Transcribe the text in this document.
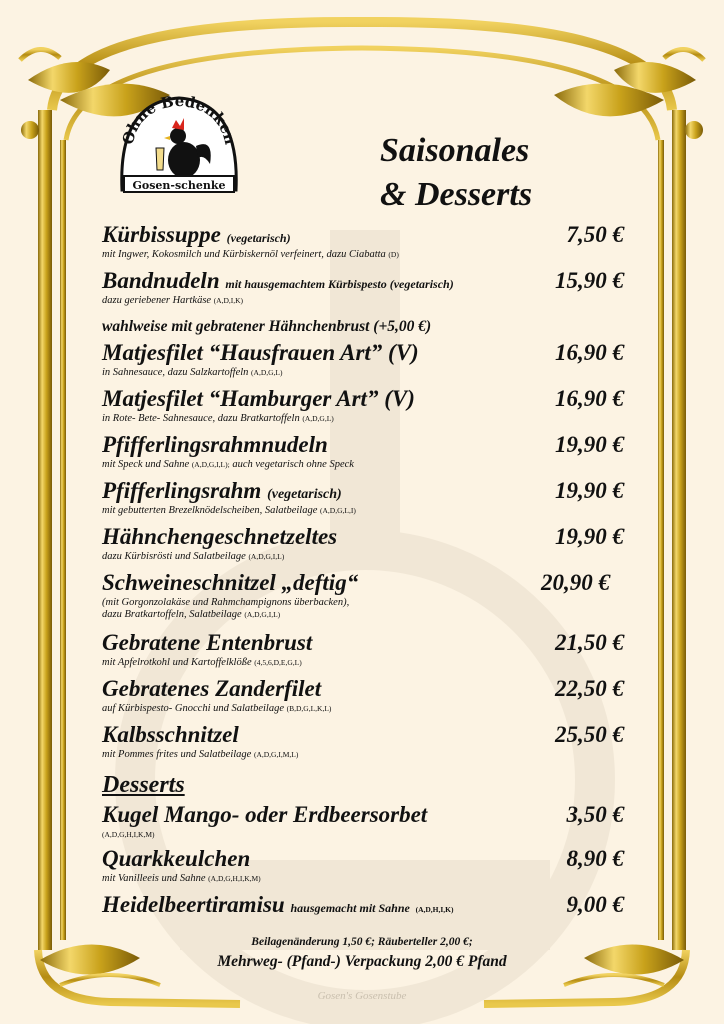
Ohne Bedenken
Gosen-schenke
Saisonales
& Desserts
Kürbissuppe (vegetarisch)	7,50 €
mit Ingwer, Kokosmilch und Kürbiskernöl verfeinert, dazu Ciabatta (D)
Bandnudeln mit hausgemachtem Kürbispesto (vegetarisch)	15,90 €
dazu geriebener Hartkäse (A,D,I,K)
wahlweise mit gebratener Hähnchenbrust (+5,00 €)
Matjesfilet “Hausfrauen Art” (V)	16,90 €
in Sahnesauce, dazu Salzkartoffeln (A,D,G,L)
Matjesfilet “Hamburger Art” (V)	16,90 €
in Rote- Bete- Sahnesauce, dazu Bratkartoffeln (A,D,G,L)
Pfifferlingsrahmnudeln	19,90 €
mit Speck und Sahne (A,D,G,I,L); auch vegetarisch ohne Speck
Pfifferlingsrahm (vegetarisch)	19,90 €
mit gebutterten Brezelknödelscheiben, Salatbeilage (A,D,G,L,I)
Hähnchengeschnetzeltes	19,90 €
dazu Kürbisrösti und Salatbeilage (A,D,G,I,L)
Schweineschnitzel „deftig“	20,90 €
(mit Gorgonzolakäse und Rahmchampignons überbacken),
dazu Bratkartoffeln, Salatbeilage (A,D,G,I,L)
Gebratene Entenbrust	21,50 €
mit Apfelrotkohl und Kartoffelklöße (4,5,6,D,E,G,L)
Gebratenes Zanderfilet	22,50 €
auf Kürbispesto- Gnocchi und Salatbeilage (B,D,G,L,K,L)
Kalbsschnitzel	25,50 €
mit Pommes frites und Salatbeilage (A,D,G,I,M,L)
Desserts
Kugel Mango- oder Erdbeersorbet	3,50 €
(A,D,G,H,I,K,M)
Quarkkeulchen	8,90 €
mit Vanilleeis und Sahne (A,D,G,H,I,K,M)
Heidelbeertiramisu hausgemacht mit Sahne (A,D,H,I,K)	9,00 €
Beilagenänderung 1,50 €; Räuberteller 2,00 €;
Mehrweg- (Pfand-) Verpackung 2,00 € Pfand
Gosen's Gosenstube
